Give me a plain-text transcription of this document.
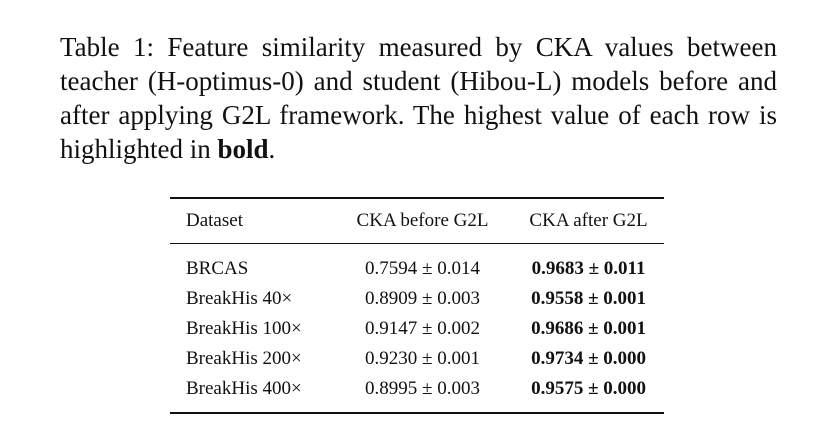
Table 1: Feature similarity measured by CKA values between teacher (H-optimus-0) and student (Hibou-L) models before and after applying G2L framework. The highest value of each row is highlighted in bold.

Dataset	CKA before G2L	CKA after G2L
BRCAS	0.7594 ± 0.014	0.9683 ± 0.011
BreakHis 40×	0.8909 ± 0.003	0.9558 ± 0.001
BreakHis 100×	0.9147 ± 0.002	0.9686 ± 0.001
BreakHis 200×	0.9230 ± 0.001	0.9734 ± 0.000
BreakHis 400×	0.8995 ± 0.003	0.9575 ± 0.000
